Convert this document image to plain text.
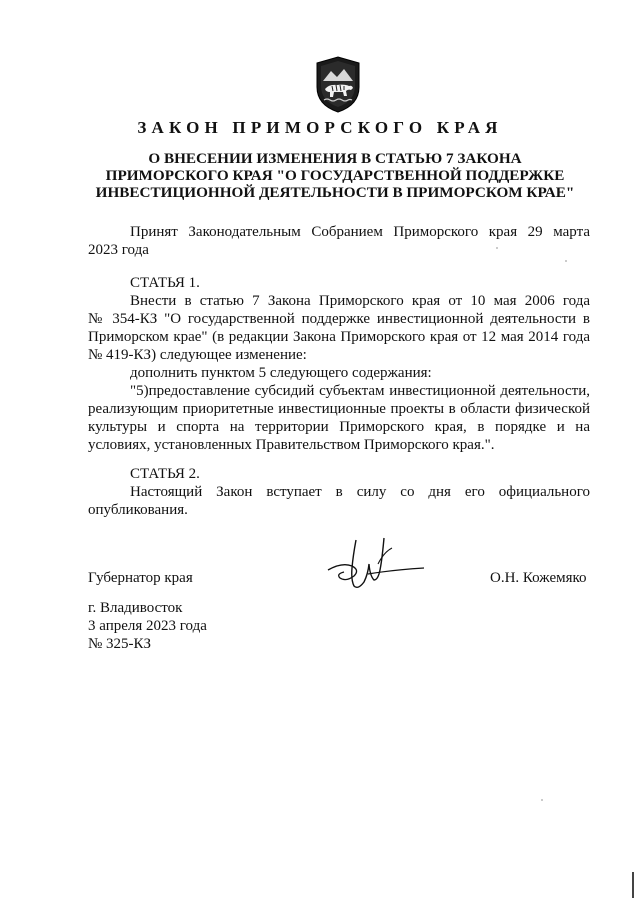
ЗАКОН ПРИМОРСКОГО КРАЯ
О ВНЕСЕНИИ ИЗМЕНЕНИЯ В СТАТЬЮ 7 ЗАКОНА
ПРИМОРСКОГО КРАЯ "О ГОСУДАРСТВЕННОЙ ПОДДЕРЖКЕ
ИНВЕСТИЦИОННОЙ ДЕЯТЕЛЬНОСТИ В ПРИМОРСКОМ КРАЕ"
Принят Законодательным Собранием Приморского края 29 марта
2023 года
СТАТЬЯ 1.
Внести в статью 7 Закона Приморского края от 10 мая 2006 года
№ 354-КЗ "О государственной поддержке инвестиционной деятельности в
Приморском крае" (в редакции Закона Приморского края от 12 мая 2014 года
№ 419-КЗ) следующее изменение:
дополнить пунктом 5 следующего содержания:
"5)предоставление субсидий субъектам инвестиционной деятельности,
реализующим приоритетные инвестиционные проекты в области физической
культуры и спорта на территории Приморского края, в порядке и на
условиях, установленных Правительством Приморского края.".
СТАТЬЯ 2.
Настоящий Закон вступает в силу со дня его официального
опубликования.
Губернатор края	О.Н. Кожемяко
г. Владивосток
3 апреля 2023 года
№ 325-КЗ
